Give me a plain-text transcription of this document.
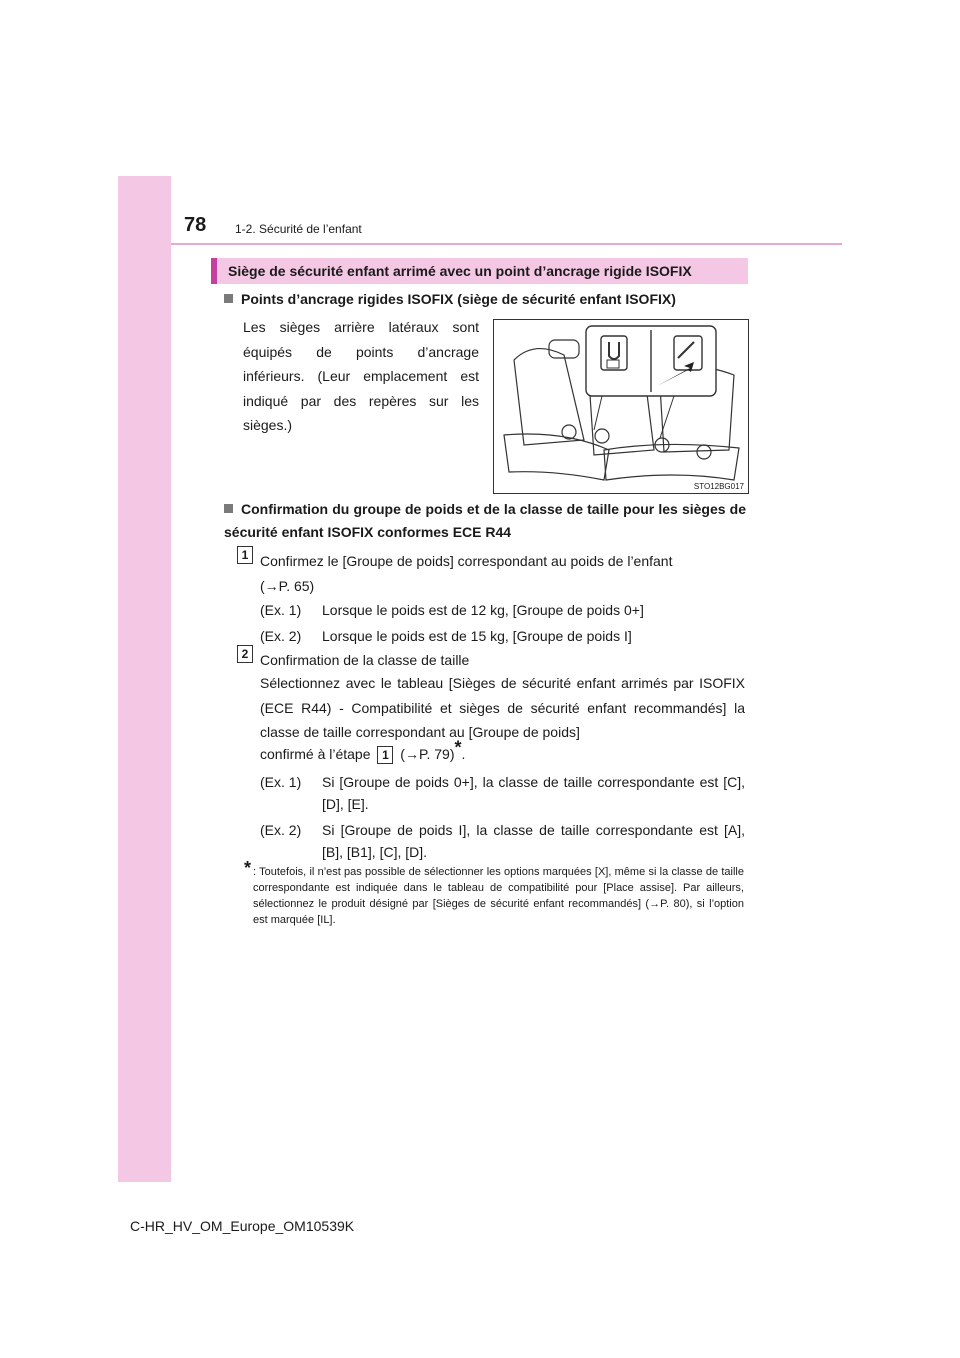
78 1-2. Sécurité de l’enfant
Siège de sécurité enfant arrimé avec un point d’ancrage rigide ISOFIX
Points d’ancrage rigides ISOFIX (siège de sécurité enfant ISOFIX)
Les sièges arrière latéraux sont équipés de points d’ancrage inférieurs. (Leur emplacement est indiqué par des repères sur les sièges.)
STO12BG017
Confirmation du groupe de poids et de la classe de taille pour les sièges de sécurité enfant ISOFIX conformes ECE R44
1 Confirmez le [Groupe de poids] correspondant au poids de l’enfant
(→P. 65)
(Ex. 1) Lorsque le poids est de 12 kg, [Groupe de poids 0+]
(Ex. 2) Lorsque le poids est de 15 kg, [Groupe de poids I]
2 Confirmation de la classe de taille
Sélectionnez avec le tableau [Sièges de sécurité enfant arrimés par ISOFIX (ECE R44) - Compatibilité et sièges de sécurité enfant recommandés] la classe de taille correspondant au [Groupe de poids]
confirmé à l’étape 1 (→P. 79)*.
(Ex. 1) Si [Groupe de poids 0+], la classe de taille correspondante est [C], [D], [E].
(Ex. 2) Si [Groupe de poids I], la classe de taille correspondante est [A], [B], [B1], [C], [D].
* : Toutefois, il n’est pas possible de sélectionner les options marquées [X], même si la classe de taille correspondante est indiquée dans le tableau de compatibilité pour [Place assise]. Par ailleurs, sélectionnez le produit désigné par [Sièges de sécurité enfant recommandés] (→P. 80), si l’option est marquée [IL].
C-HR_HV_OM_Europe_OM10539K
